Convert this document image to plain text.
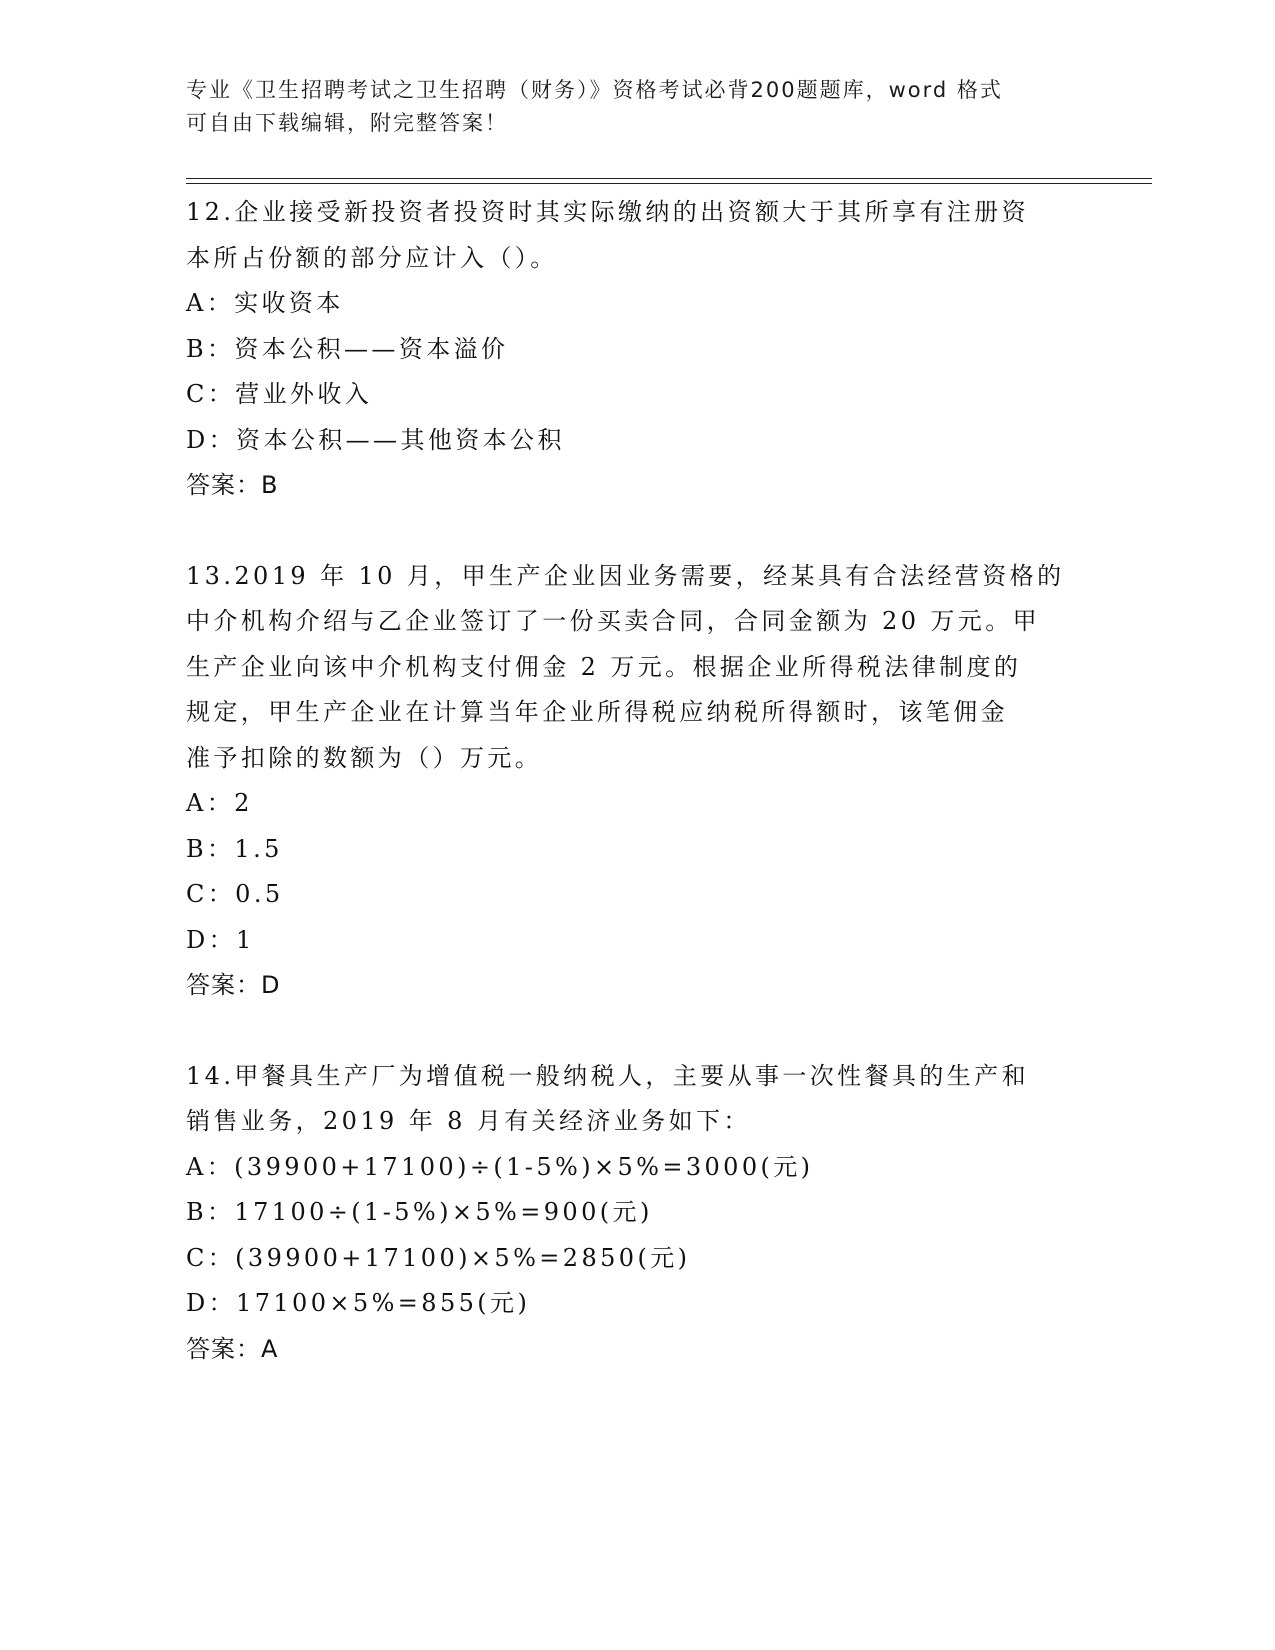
专业《卫生招聘考试之卫生招聘（财务）》资格考试必背200题题库，word 格式
可自由下载编辑，附完整答案！
12.企业接受新投资者投资时其实际缴纳的出资额大于其所享有注册资
本所占份额的部分应计入（）。
A：实收资本
B：资本公积——资本溢价
C：营业外收入
D：资本公积——其他资本公积
答案：B
13.2019 年 10 月，甲生产企业因业务需要，经某具有合法经营资格的
中介机构介绍与乙企业签订了一份买卖合同，合同金额为 20 万元。甲
生产企业向该中介机构支付佣金 2 万元。根据企业所得税法律制度的
规定，甲生产企业在计算当年企业所得税应纳税所得额时，该笔佣金
准予扣除的数额为（）万元。
A：2
B：1.5
C：0.5
D：1
答案：D
14.甲餐具生产厂为增值税一般纳税人，主要从事一次性餐具的生产和
销售业务，2019 年 8 月有关经济业务如下：
A：(39900+17100)÷(1-5%)×5%=3000(元)
B：17100÷(1-5%)×5%=900(元)
C：(39900+17100)×5%=2850(元)
D：17100×5%=855(元)
答案：A
